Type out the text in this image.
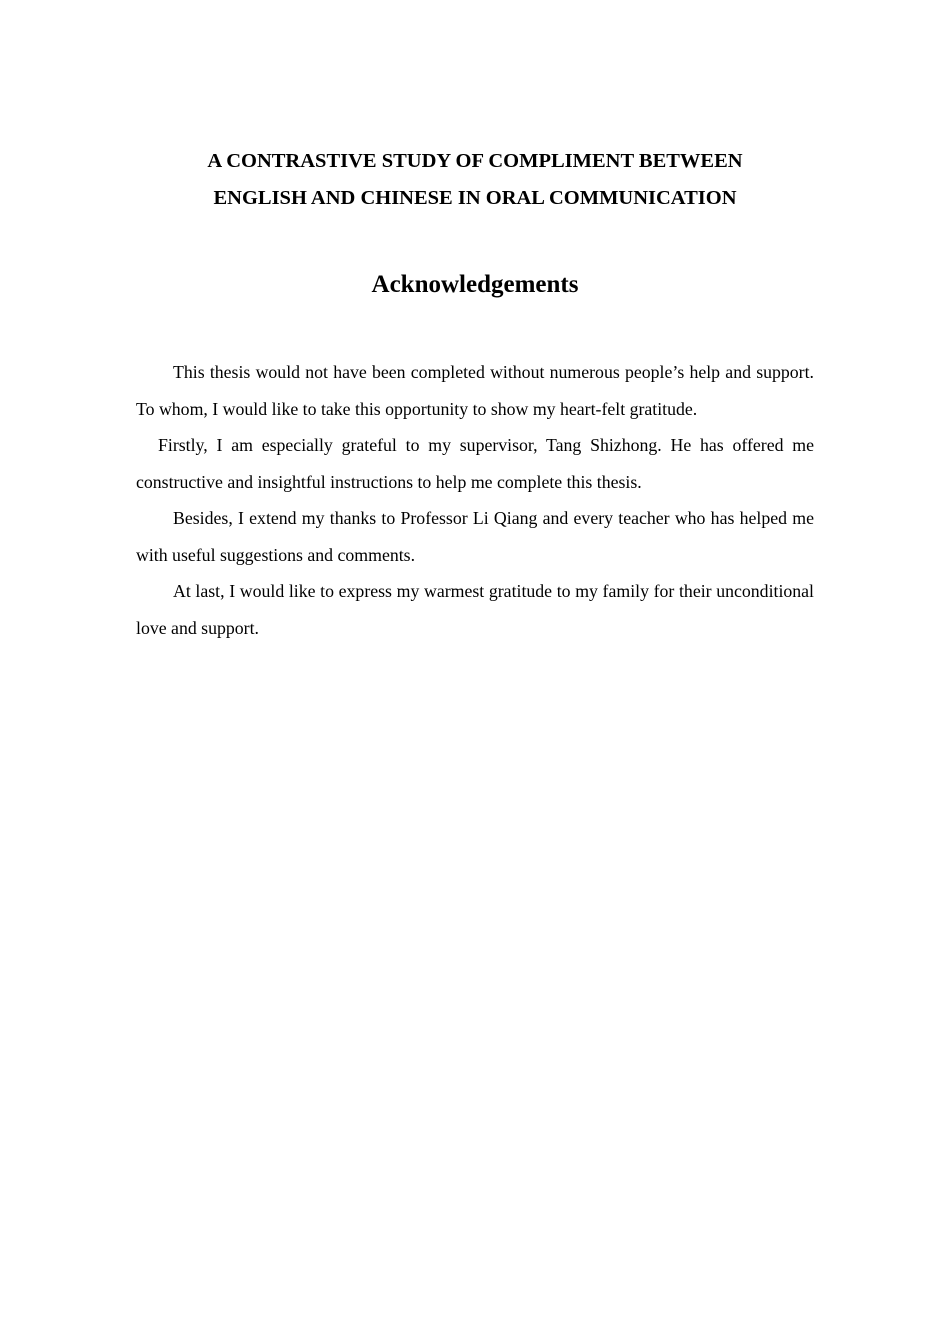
A CONTRASTIVE STUDY OF COMPLIMENT BETWEEN
ENGLISH AND CHINESE IN ORAL COMMUNICATION
Acknowledgements

This thesis would not have been completed without numerous people’s help and support. To whom, I would like to take this opportunity to show my heart-felt gratitude.

Firstly, I am especially grateful to my supervisor, Tang Shizhong. He has offered me constructive and insightful instructions to help me complete this thesis.

Besides, I extend my thanks to Professor Li Qiang and every teacher who has helped me with useful suggestions and comments.

At last, I would like to express my warmest gratitude to my family for their unconditional love and support.
